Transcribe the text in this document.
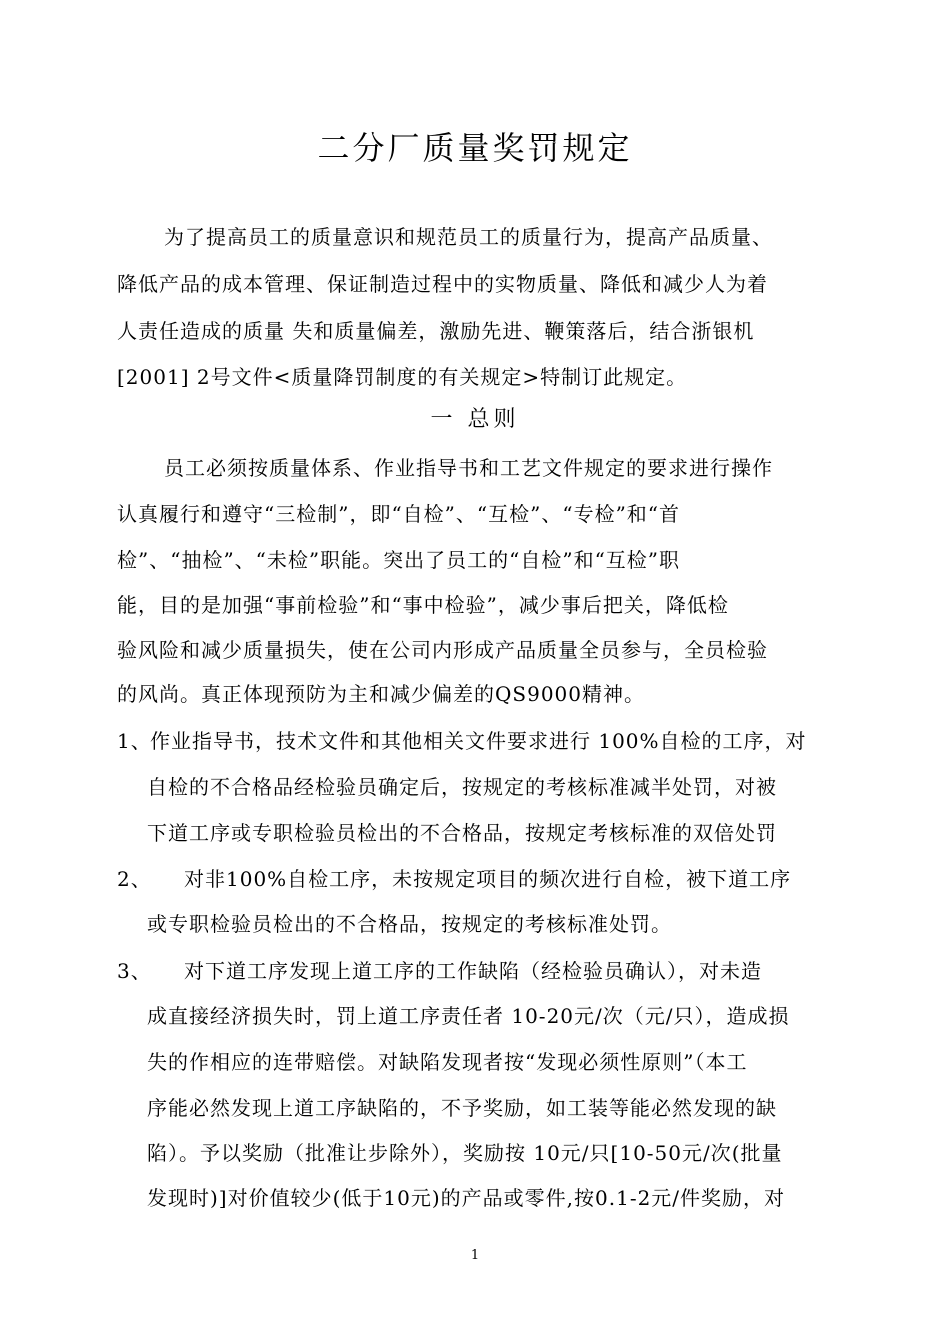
二分厂质量奖罚规定
为了提高员工的质量意识和规范员工的质量行为，提高产品质量、
降低产品的成本管理、保证制造过程中的实物质量、降低和减少人为着
人责任造成的质量 失和质量偏差，激励先进、鞭策落后，结合浙银机
[2001] 2号文件<质量降罚制度的有关规定>特制订此规定。
一 总则
员工必须按质量体系、作业指导书和工艺文件规定的要求进行操作
认真履行和遵守“三检制”，即“自检”、“互检”、“专检”和“首
检”、“抽检”、“未检”职能。突出了员工的“自检”和“互检”职
能，目的是加强“事前检验”和“事中检验”，减少事后把关，降低检
验风险和减少质量损失，使在公司内形成产品质量全员参与，全员检验
的风尚。真正体现预防为主和减少偏差的QS9000精神。
1、
作业指导书，技术文件和其他相关文件要求进行 100%自检的工序，对
自检的不合格品经检验员确定后，按规定的考核标准减半处罚，对被
下道工序或专职检验员检出的不合格品，按规定考核标准的双倍处罚
2、 对非100%自检工序，未按规定项目的频次进行自检，被下道工序
或专职检验员检出的不合格品，按规定的考核标准处罚。
3、 对下道工序发现上道工序的工作缺陷（经检验员确认），对未造
成直接经济损失时，罚上道工序责任者 10-20元/次（元/只），造成损
失的作相应的连带赔偿。对缺陷发现者按“发现必须性原则”（本工
序能必然发现上道工序缺陷的，不予奖励，如工装等能必然发现的缺
陷）。予以奖励（批准让步除外），奖励按 10元/只[10-50元/次(批量
发现时)]对价值较少(低于10元)的产品或零件,按0.1-2元/件奖励，对
1
